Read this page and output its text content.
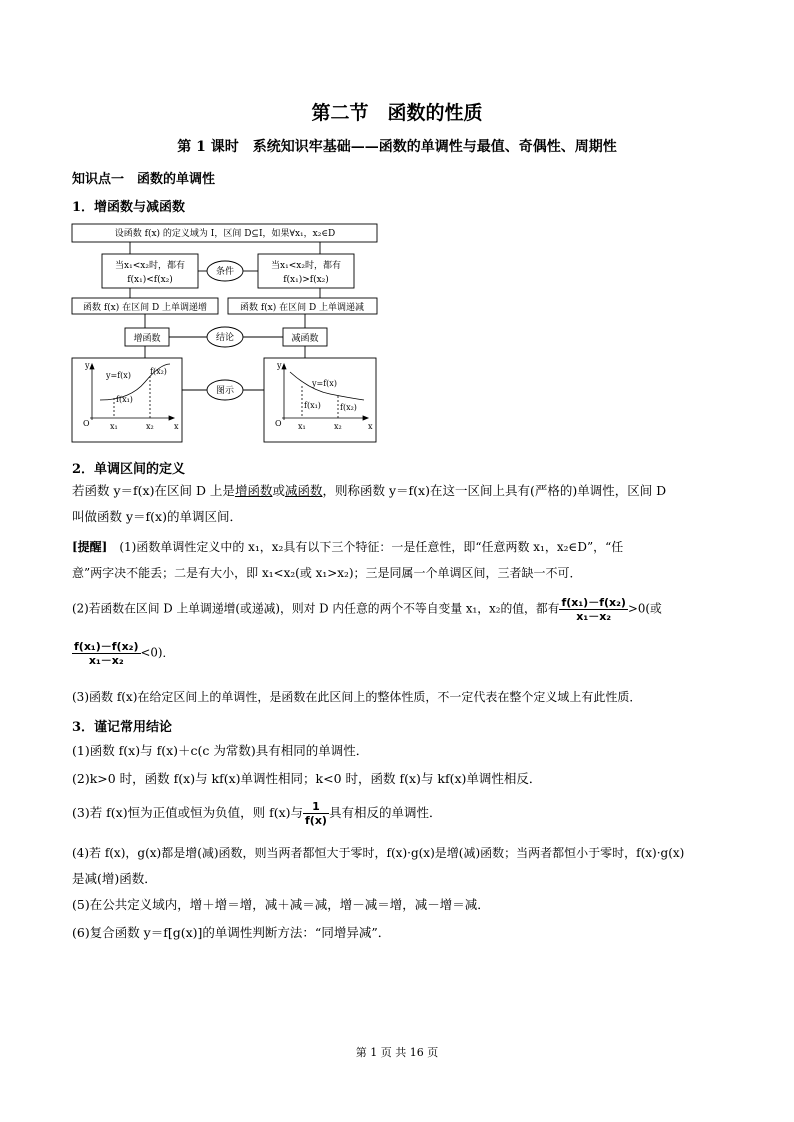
第二节　函数的性质
第 1 课时　系统知识牢基础——函数的单调性与最值、奇偶性、周期性
知识点一　函数的单调性
1．增函数与减函数
y
O	x
x₁	x₂
y=f(x)
f(x₁)
f(x₂)
y
O	x
x₁	x₂
y=f(x)
f(x₁) f(x₂)
设函数 f(x) 的定义域为 I，区间 D⊆I，如果∀x₁，x₂∈D
当x₁<x₂时，都有
f(x₁)<f(x₂)
当x₁<x₂时，都有
f(x₁)>f(x₂)
条件
函数 f(x) 在区间 D 上单调递增	函数 f(x) 在区间 D 上单调递减
增函数	结论	减函数
图示
2．单调区间的定义
若函数 y＝f(x)在区间 D 上是增函数或减函数，则称函数 y＝f(x)在这一区间上具有(严格的)单调性，区间 D
叫做函数 y＝f(x)的单调区间．
[提醒]　(1)函数单调性定义中的 x₁，x₂具有以下三个特征：一是任意性，即“任意两数 x₁，x₂∈D”，“任
意”两字决不能丢；二是有大小，即 x₁<x₂(或 x₁>x₂)；三是同属一个单调区间，三者缺一不可．
(2)若函数在区间 D 上单调递增(或递减)，则对 D 内任意的两个不等自变量 x₁，x₂的值，都有 $\frac{\text{f(x₁)－f(x₂)}}{\text{x₁－x₂}} >0$(或
$\frac{\text{f(x₁)－f(x₂)}}{\text{x₁－x₂}} <0$)．
(3)函数 f(x)在给定区间上的单调性，是函数在此区间上的整体性质，不一定代表在整个定义域上有此性质．
3．谨记常用结论
(1)函数 f(x)与 f(x)＋c(c 为常数)具有相同的单调性．
(2)k>0 时，函数 f(x)与 kf(x)单调性相同；k<0 时，函数 f(x)与 kf(x)单调性相反．
(3)若 f(x)恒为正值或恒为负值，则 f(x)与 $\frac{1}{f(x)}$ 具有相反的单调性．
(4)若 f(x)，g(x)都是增(减)函数，则当两者都恒大于零时，f(x)·g(x)是增(减)函数；当两者都恒小于零时，f(x)·g(x)
是减(增)函数．
(5)在公共定义域内，增＋增＝增，减＋减＝减，增－减＝增，减－增＝减．
(6)复合函数 y＝f[g(x)]的单调性判断方法：“同增异减”．
第 1 页 共 16 页
